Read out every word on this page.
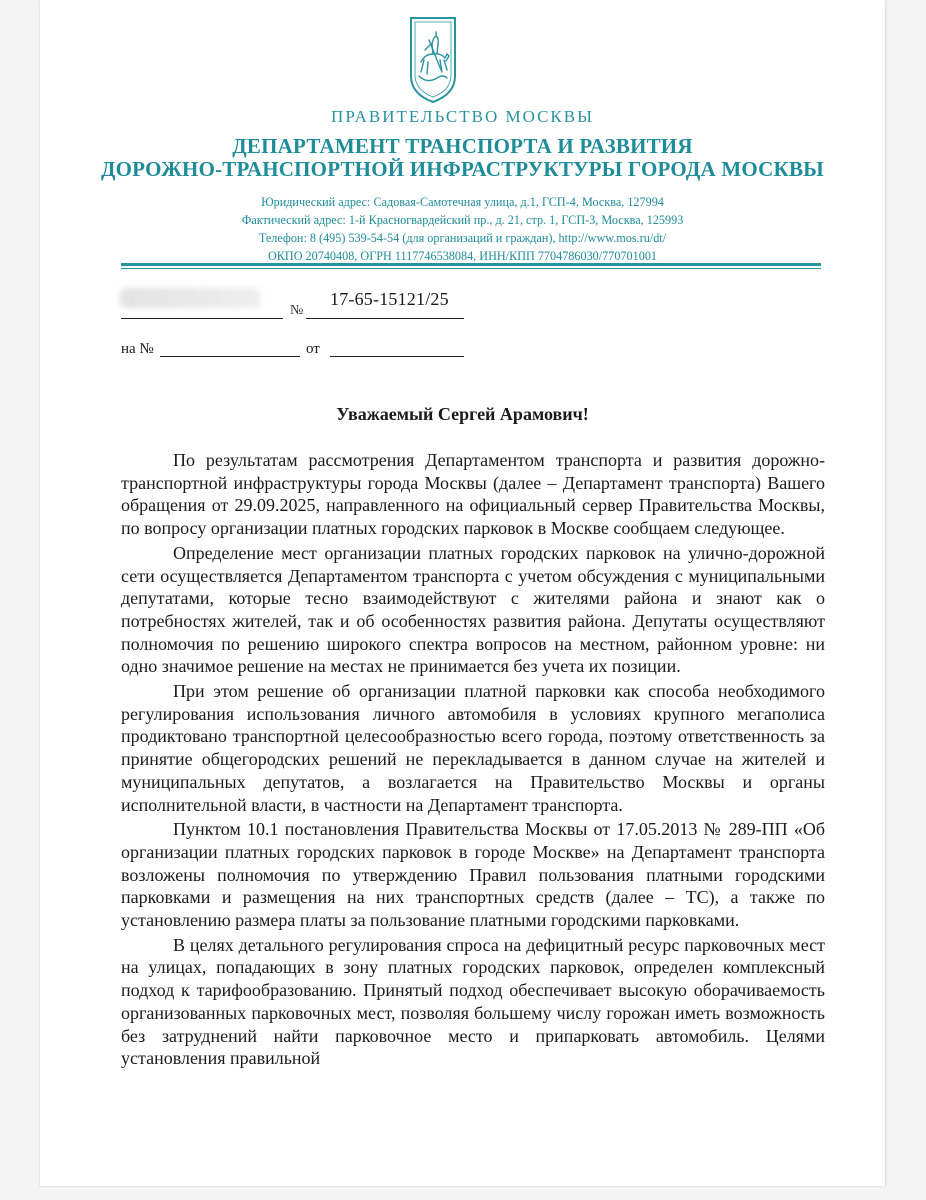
ПРАВИТЕЛЬСТВО МОСКВЫ
ДЕПАРТАМЕНТ ТРАНСПОРТА И РАЗВИТИЯ
ДОРОЖНО-ТРАНСПОРТНОЙ ИНФРАСТРУКТУРЫ ГОРОДА МОСКВЫ
Юридический адрес: Садовая-Самотечная улица, д.1, ГСП-4, Москва, 127994
Фактический адрес: 1-й Красногвардейский пр., д. 21, стр. 1, ГСП-3, Москва, 125993
Телефон: 8 (495) 539-54-54 (для организаций и граждан), http://www.mos.ru/dt/
ОКПО 20740408, ОГРН 1117746538084, ИНН/КПП 7704786030/770701001
№
17-65-15121/25
на №	от
Уважаемый Сергей Арамович!

По результатам рассмотрения Департаментом транспорта и развития дорожно-транспортной инфраструктуры города Москвы (далее – Департамент транспорта) Вашего обращения от 29.09.2025, направленного на официальный сервер Правительства Москвы, по вопросу организации платных городских парковок в Москве сообщаем следующее.

Определение мест организации платных городских парковок на улично-дорожной сети осуществляется Департаментом транспорта с учетом обсуждения с муниципальными депутатами, которые тесно взаимодействуют с жителями района и знают как о потребностях жителей, так и об особенностях развития района. Депутаты осуществляют полномочия по решению широкого спектра вопросов на местном, районном уровне: ни одно значимое решение на местах не принимается без учета их позиции.

При этом решение об организации платной парковки как способа необходимого регулирования использования личного автомобиля в условиях крупного мегаполиса продиктовано транспортной целесообразностью всего города, поэтому ответственность за принятие общегородских решений не перекладывается в данном случае на жителей и муниципальных депутатов, а возлагается на Правительство Москвы и органы исполнительной власти, в частности на Департамент транспорта.

Пунктом 10.1 постановления Правительства Москвы от 17.05.2013 № 289-ПП «Об организации платных городских парковок в городе Москве» на Департамент транспорта возложены полномочия по утверждению Правил пользования платными городскими парковками и размещения на них транспортных средств (далее – ТС), а также по установлению размера платы за пользование платными городскими парковками.

В целях детального регулирования спроса на дефицитный ресурс парковочных мест на улицах, попадающих в зону платных городских парковок, определен комплексный подход к тарифообразованию. Принятый подход обеспечивает высокую оборачиваемость организованных парковочных мест, позволяя большему числу горожан иметь возможность без затруднений найти парковочное место и припарковать автомобиль. Целями установления правильной
